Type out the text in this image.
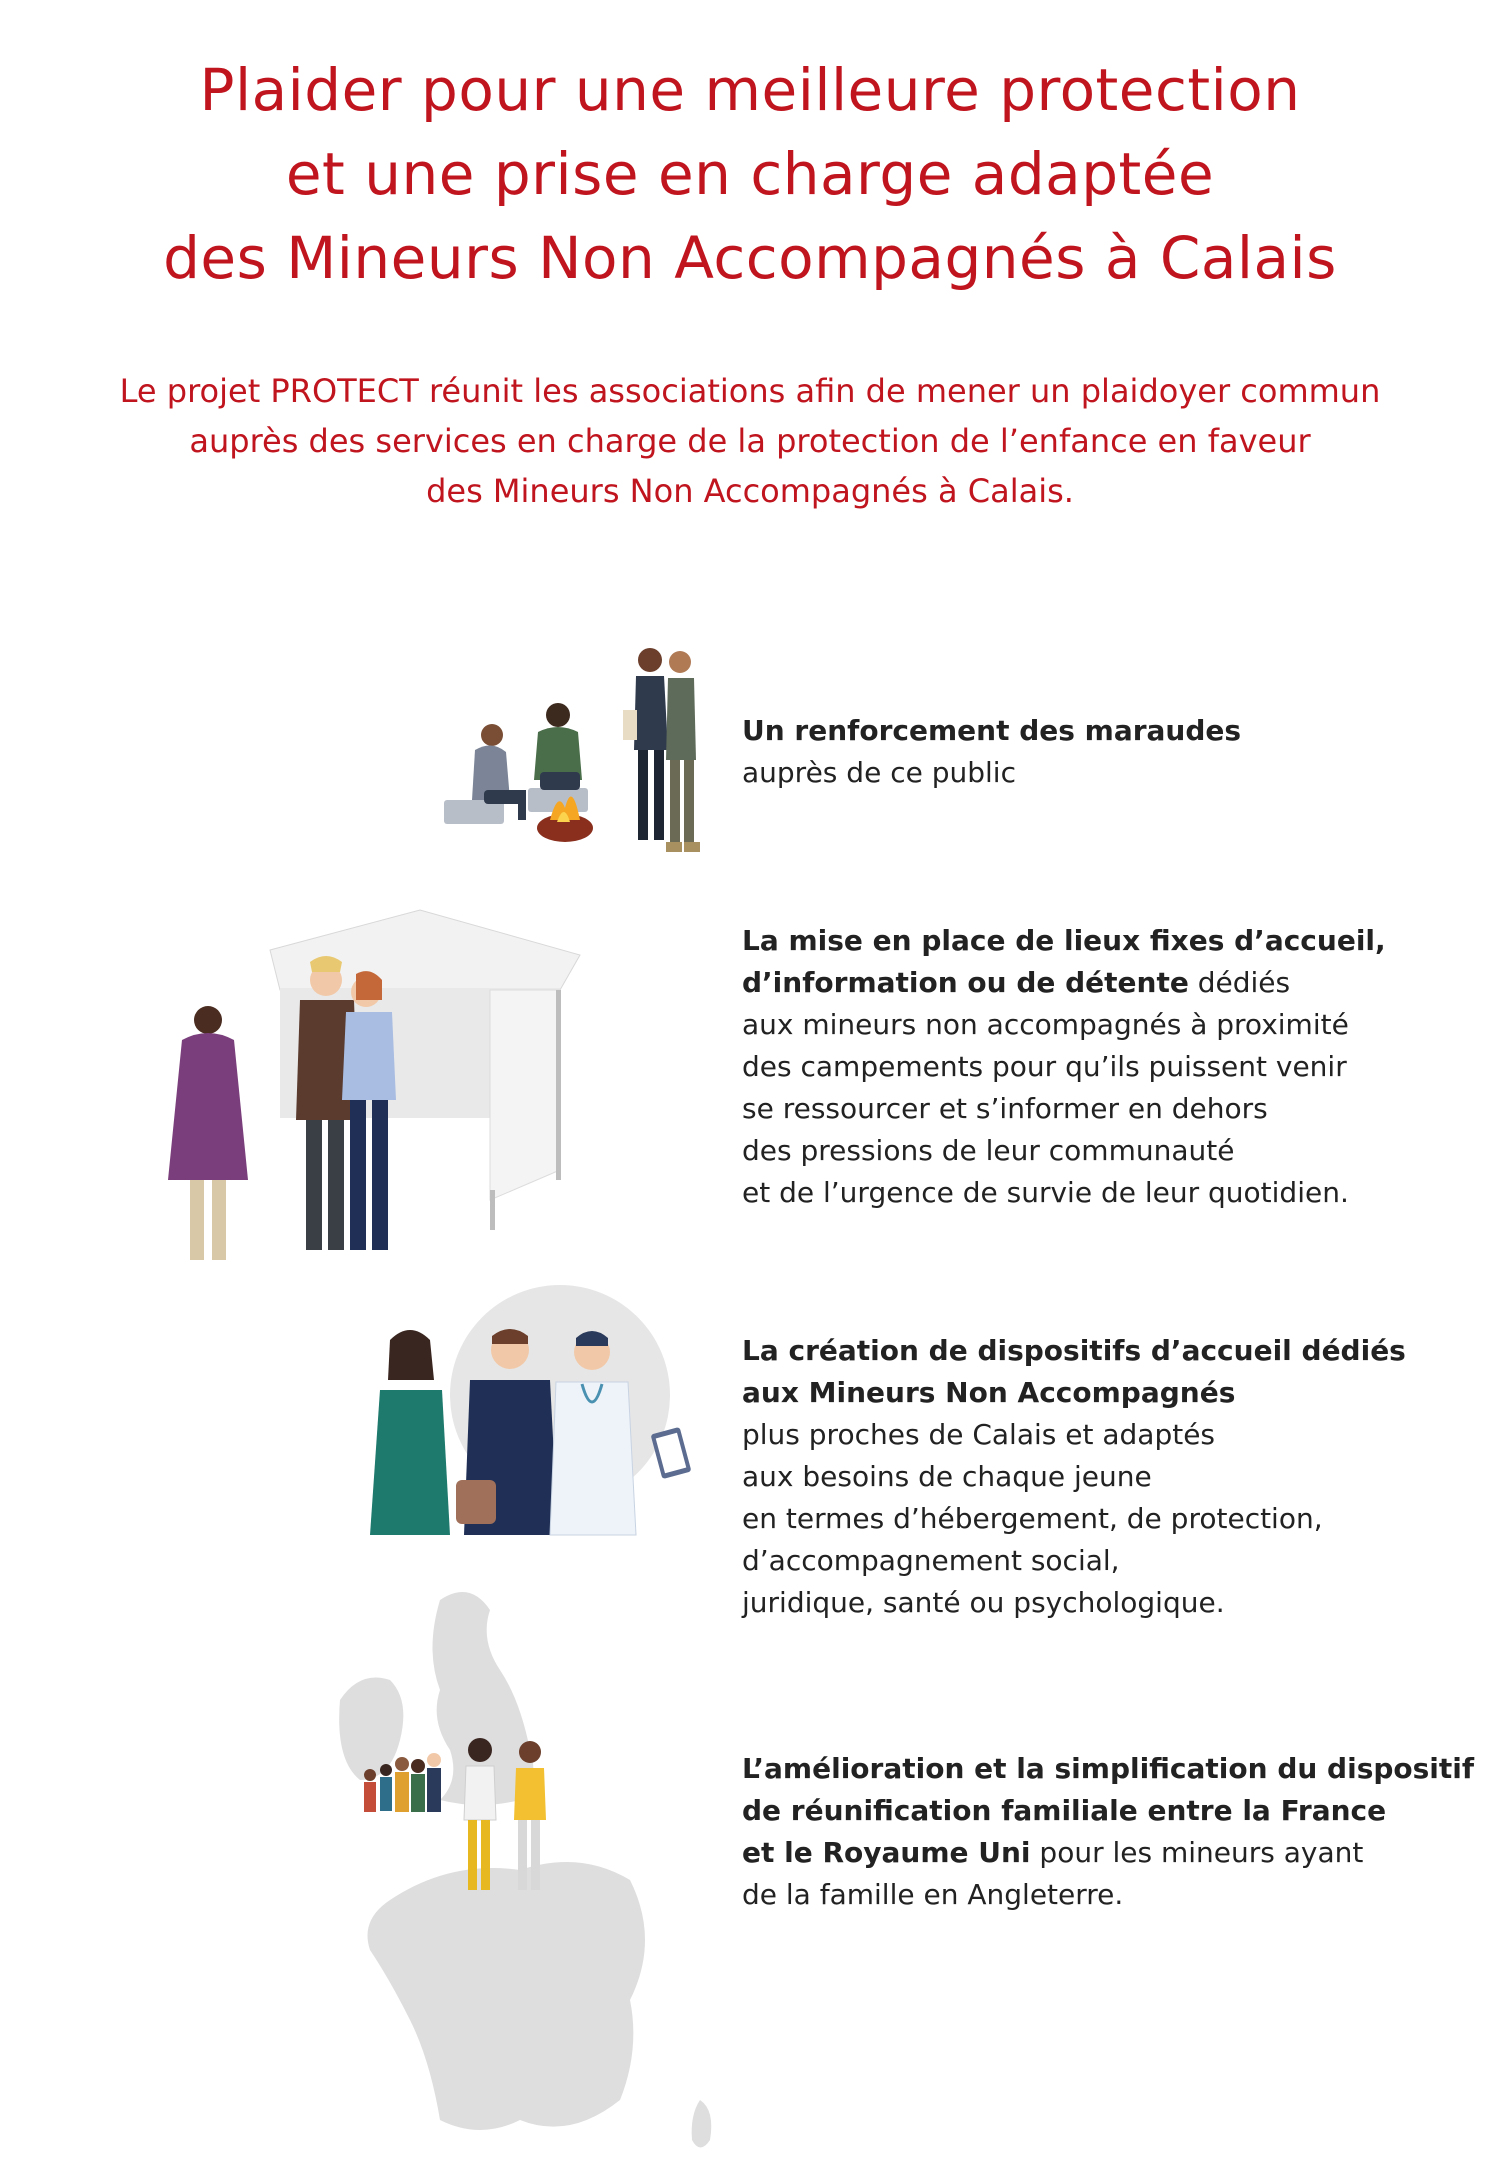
Plaider pour une meilleure protection
et une prise en charge adaptée
des Mineurs Non Accompagnés à Calais
Le projet PROTECT réunit les associations afin de mener un plaidoyer commun
auprès des services en charge de la protection de l’enfance en faveur
des Mineurs Non Accompagnés à Calais.
Un renforcement des maraudes
auprès de ce public
La mise en place de lieux fixes d’accueil,
d’information ou de détente dédiés
aux mineurs non accompagnés à proximité
des campements pour qu’ils puissent venir
se ressourcer et s’informer en dehors
des pressions de leur communauté
et de l’urgence de survie de leur quotidien.
La création de dispositifs d’accueil dédiés
aux Mineurs Non Accompagnés
plus proches de Calais et adaptés
aux besoins de chaque jeune
en termes d’hébergement, de protection,
d’accompagnement social,
juridique, santé ou psychologique.
L’amélioration et la simplification du dispositif
de réunification familiale entre la France
et le Royaume Uni pour les mineurs ayant
de la famille en Angleterre.
